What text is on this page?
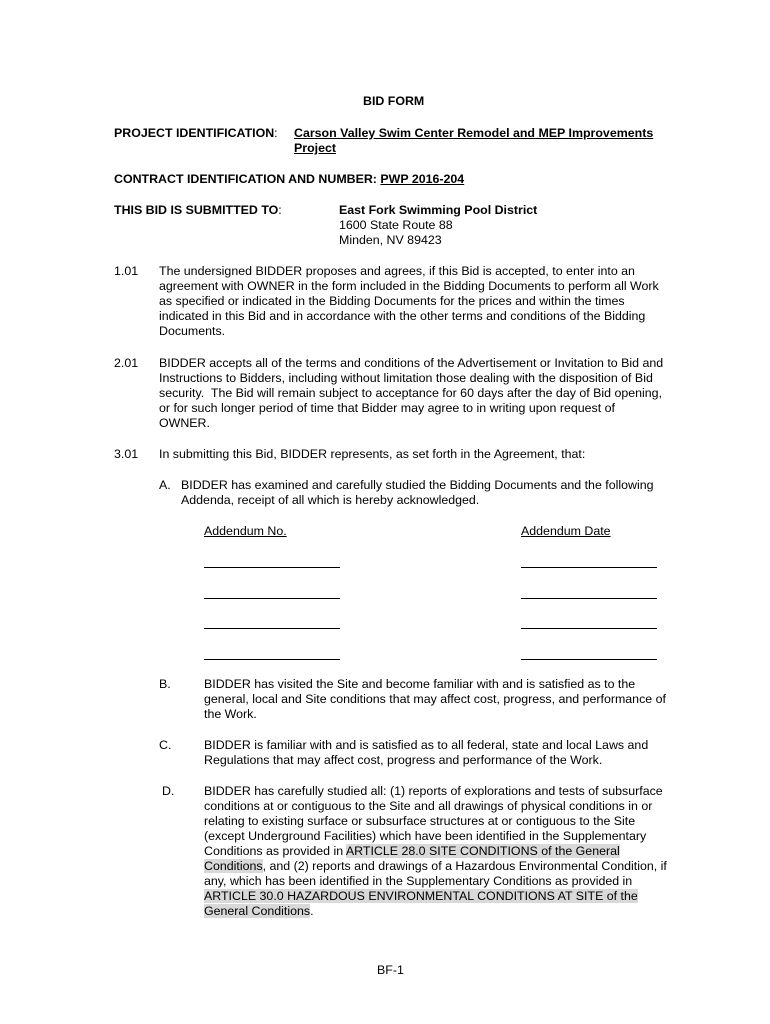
BID FORM
PROJECT IDENTIFICATION: Carson Valley Swim Center Remodel and MEP Improvements
Project
CONTRACT IDENTIFICATION AND NUMBER: PWP 2016-204
THIS BID IS SUBMITTED TO:	East Fork Swimming Pool District
1600 State Route 88
Minden, NV 89423
1.01 The undersigned BIDDER proposes and agrees, if this Bid is accepted, to enter into an
agreement with OWNER in the form included in the Bidding Documents to perform all Work
as specified or indicated in the Bidding Documents for the prices and within the times
indicated in this Bid and in accordance with the other terms and conditions of the Bidding
Documents.
2.01 BIDDER accepts all of the terms and conditions of the Advertisement or Invitation to Bid and
Instructions to Bidders, including without limitation those dealing with the disposition of Bid
security.  The Bid will remain subject to acceptance for 60 days after the day of Bid opening,
or for such longer period of time that Bidder may agree to in writing upon request of
OWNER.
3.01 In submitting this Bid, BIDDER represents, as set forth in the Agreement, that:
A. BIDDER has examined and carefully studied the Bidding Documents and the following
Addenda, receipt of all which is hereby acknowledged.
Addendum No.	Addendum Date
B.	BIDDER has visited the Site and become familiar with and is satisfied as to the
general, local and Site conditions that may affect cost, progress, and performance of
the Work.
C.	BIDDER is familiar with and is satisfied as to all federal, state and local Laws and
Regulations that may affect cost, progress and performance of the Work.
D. BIDDER has carefully studied all: (1) reports of explorations and tests of subsurface
conditions at or contiguous to the Site and all drawings of physical conditions in or
relating to existing surface or subsurface structures at or contiguous to the Site
(except Underground Facilities) which have been identified in the Supplementary
Conditions as provided in ARTICLE 28.0 SITE CONDITIONS of the General
Conditions, and (2) reports and drawings of a Hazardous Environmental Condition, if
any, which has been identified in the Supplementary Conditions as provided in
ARTICLE 30.0 HAZARDOUS ENVIRONMENTAL CONDITIONS AT SITE of the
General Conditions.
BF-1
